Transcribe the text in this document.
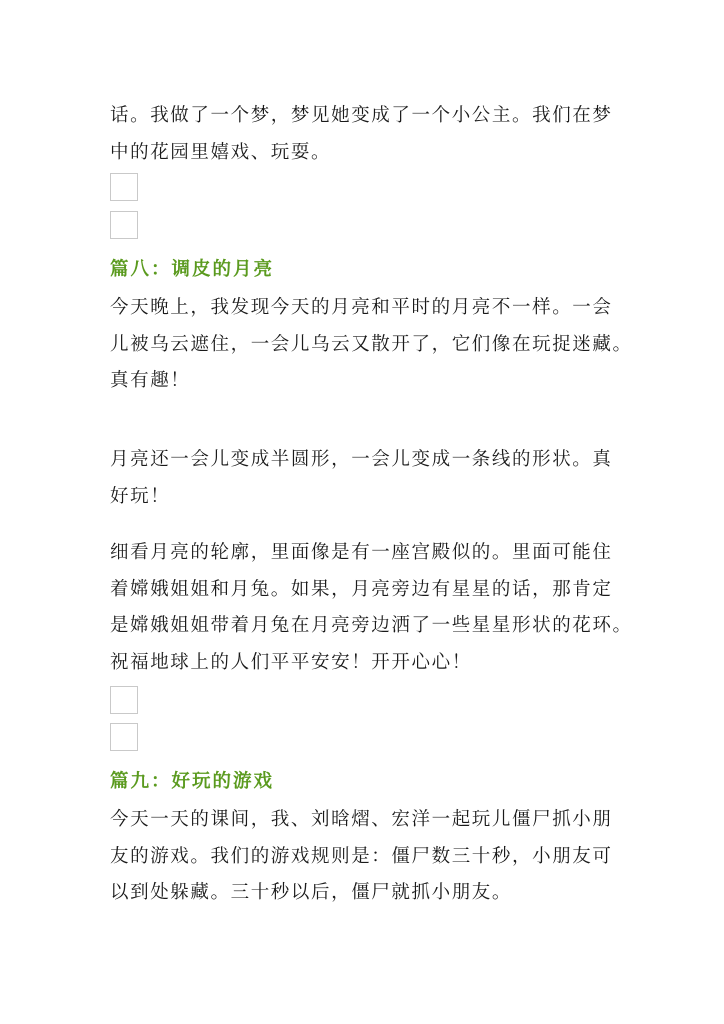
话。我做了一个梦，梦见她变成了一个小公主。我们在梦
中的花园里嬉戏、玩耍。

篇八：调皮的月亮

今天晚上，我发现今天的月亮和平时的月亮不一样。一会
儿被乌云遮住，一会儿乌云又散开了，它们像在玩捉迷藏。
真有趣！

月亮还一会儿变成半圆形，一会儿变成一条线的形状。真
好玩！

细看月亮的轮廓，里面像是有一座宫殿似的。里面可能住
着嫦娥姐姐和月兔。如果，月亮旁边有星星的话，那肯定
是嫦娥姐姐带着月兔在月亮旁边洒了一些星星形状的花环。
祝福地球上的人们平平安安！开开心心！

篇九：好玩的游戏

今天一天的课间，我、刘晗熠、宏洋一起玩儿僵尸抓小朋
友的游戏。我们的游戏规则是：僵尸数三十秒，小朋友可
以到处躲藏。三十秒以后，僵尸就抓小朋友。
